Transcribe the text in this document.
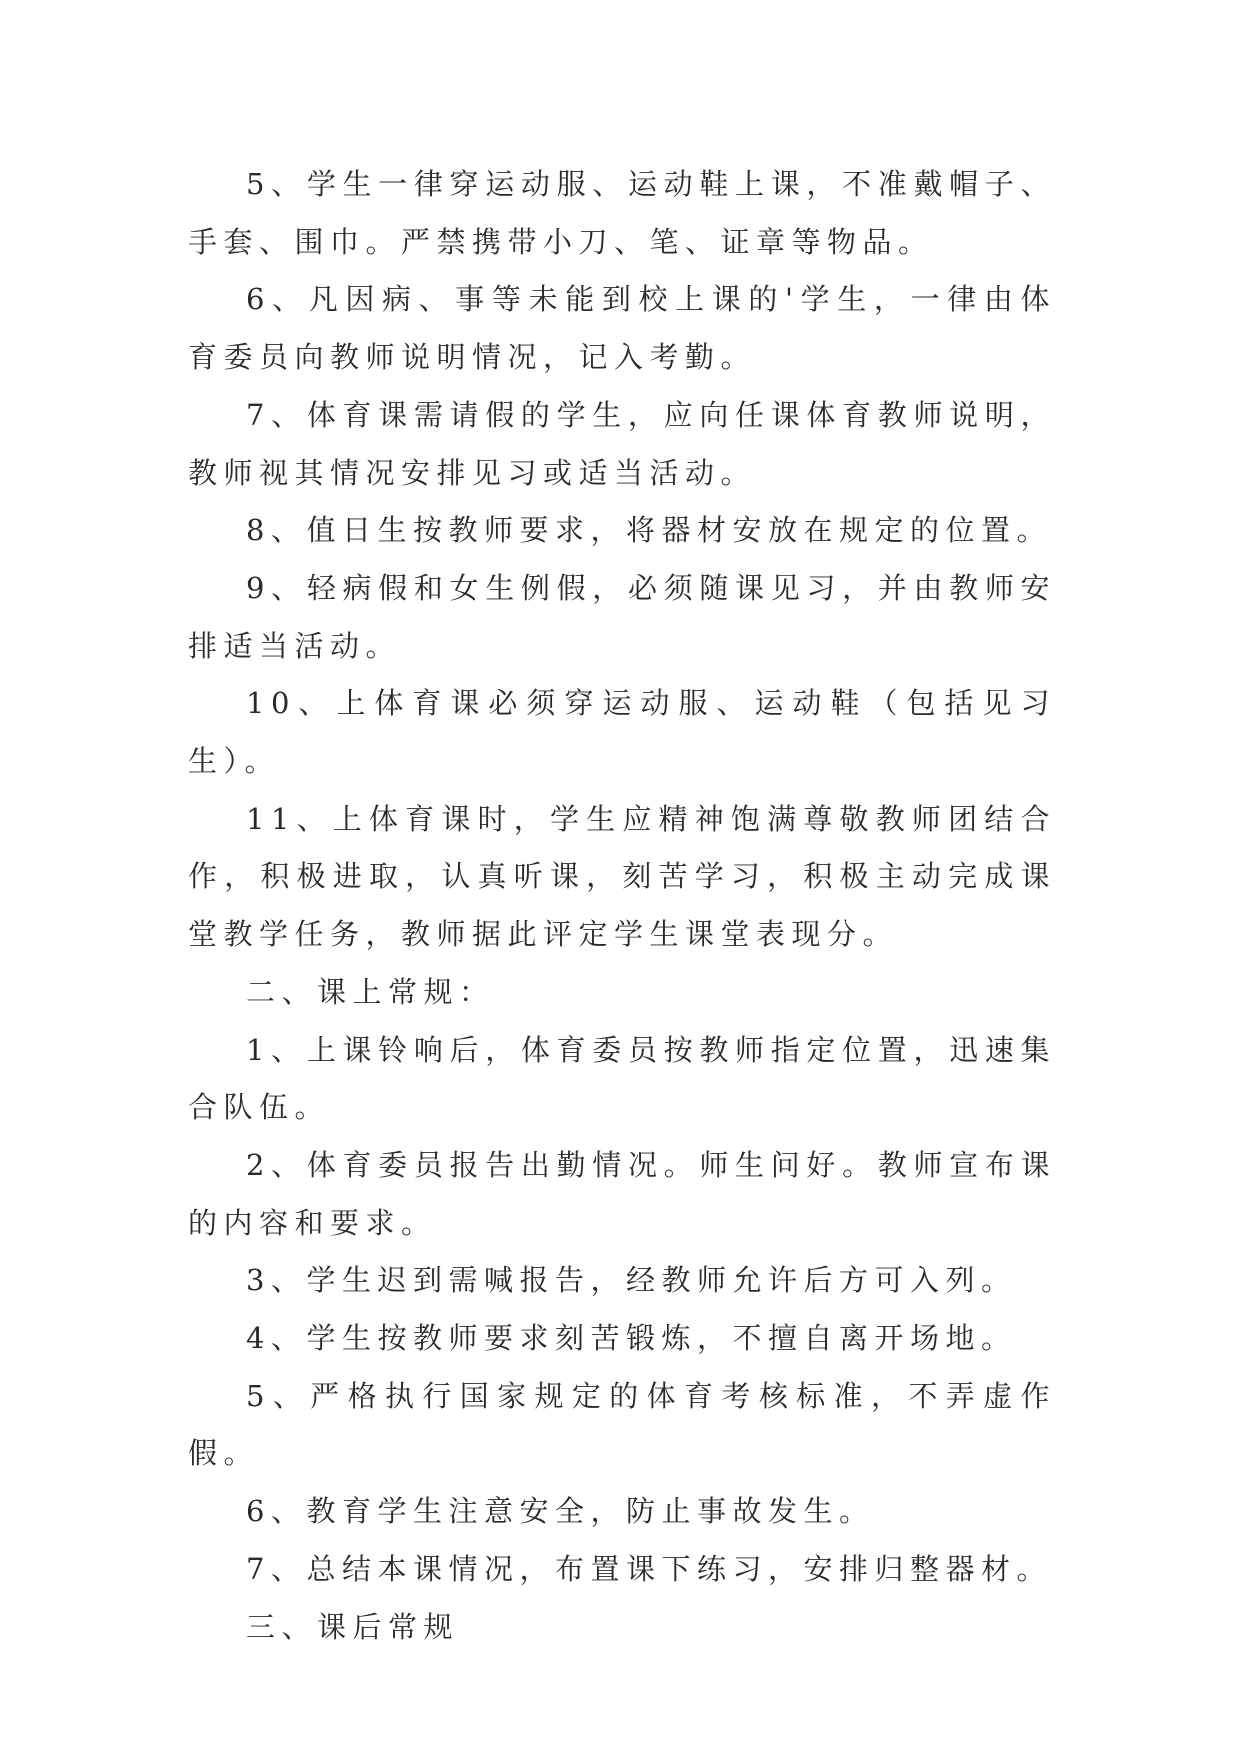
5、学生一律穿运动服、运动鞋上课，不准戴帽子、手套、围巾。严禁携带小刀、笔、证章等物品。

6、凡因病、事等未能到校上课的'学生，一律由体育委员向教师说明情况，记入考勤。

7、体育课需请假的学生，应向任课体育教师说明，教师视其情况安排见习或适当活动。

8、值日生按教师要求，将器材安放在规定的位置。

9、轻病假和女生例假，必须随课见习，并由教师安排适当活动。

10、上体育课必须穿运动服、运动鞋（包括见习生）。

11、上体育课时，学生应精神饱满尊敬教师团结合作，积极进取，认真听课，刻苦学习，积极主动完成课堂教学任务，教师据此评定学生课堂表现分。

二、课上常规：

1、上课铃响后，体育委员按教师指定位置，迅速集合队伍。

2、体育委员报告出勤情况。师生问好。教师宣布课的内容和要求。

3、学生迟到需喊报告，经教师允许后方可入列。

4、学生按教师要求刻苦锻炼，不擅自离开场地。

5、严格执行国家规定的体育考核标准，不弄虚作假。

6、教育学生注意安全，防止事故发生。

7、总结本课情况，布置课下练习，安排归整器材。

三、课后常规
